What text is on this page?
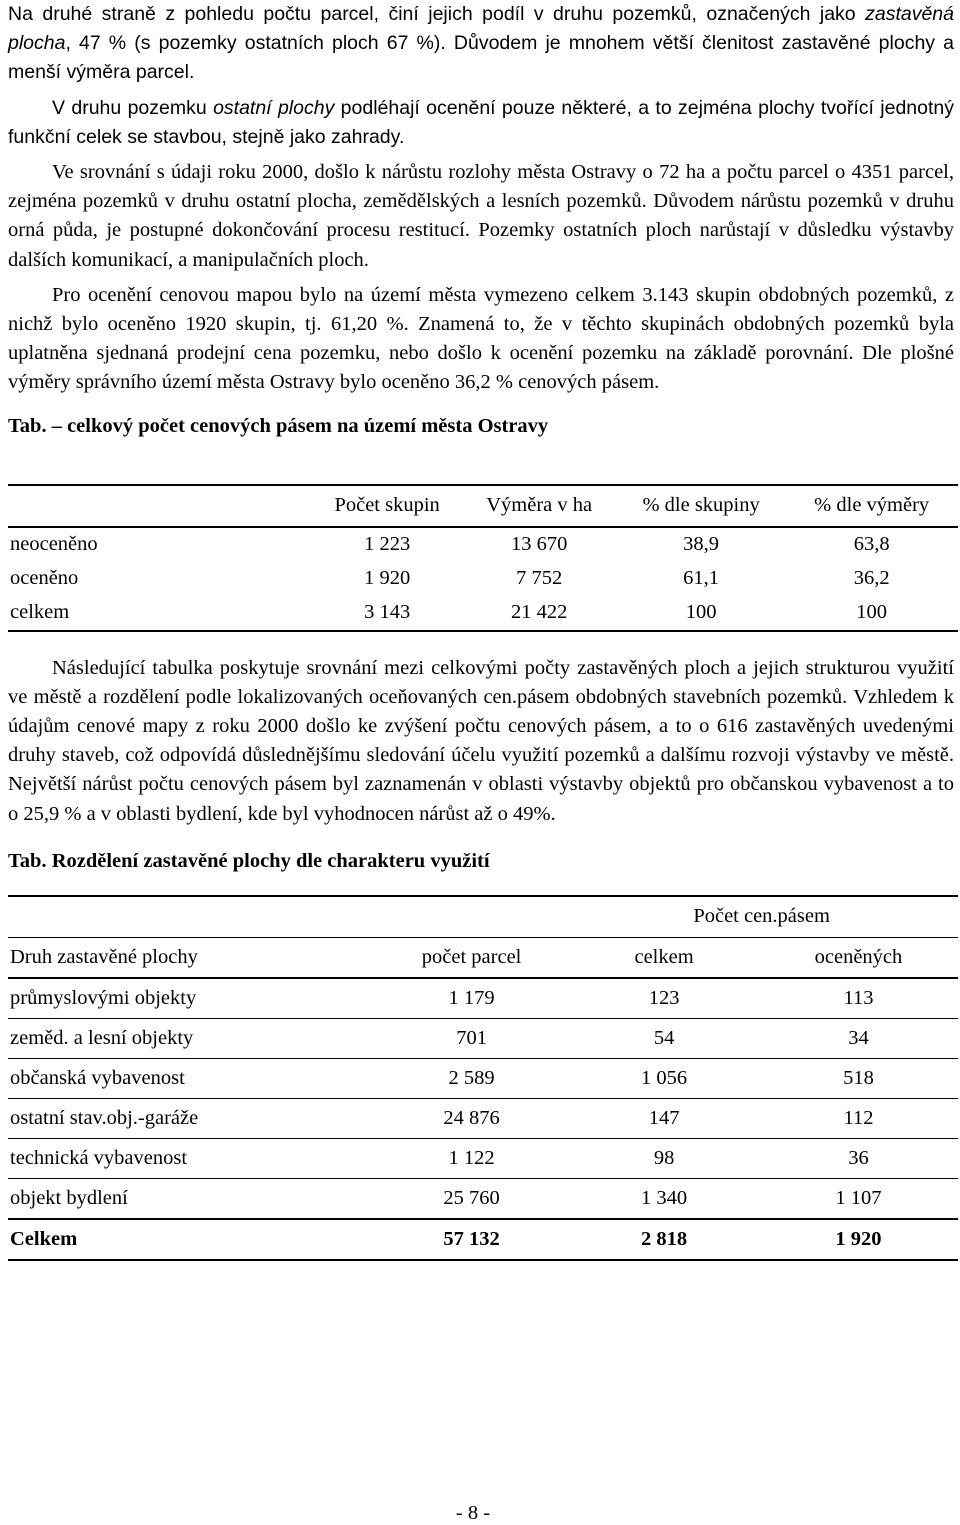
Na druhé straně z pohledu počtu parcel, činí jejich podíl v druhu pozemků, označených jako zastavěná plocha, 47 % (s pozemky ostatních ploch 67 %). Důvodem je mnohem větší členitost zastavěné plochy a menší výměra parcel.

V druhu pozemku ostatní plochy podléhají ocenění pouze některé, a to zejména plochy tvořící jednotný funkční celek se stavbou, stejně jako zahrady.

Ve srovnání s údaji roku 2000, došlo k nárůstu rozlohy města Ostravy o 72 ha a počtu parcel o 4351 parcel, zejména pozemků v druhu ostatní plocha, zemědělských a lesních pozemků. Důvodem nárůstu pozemků v druhu orná půda, je postupné dokončování procesu restitucí. Pozemky ostatních ploch narůstají v důsledku výstavby dalších komunikací, a manipulačních ploch.

Pro ocenění cenovou mapou bylo na území města vymezeno celkem 3.143 skupin obdobných pozemků, z nichž bylo oceněno 1920 skupin, tj. 61,20 %. Znamená to, že v těchto skupinách obdobných pozemků byla uplatněna sjednaná prodejní cena pozemku, nebo došlo k ocenění pozemku na základě porovnání. Dle plošné výměry správního území města Ostravy bylo oceněno 36,2 % cenových pásem.

Tab. – celkový počet cenových pásem na území města Ostravy

	Počet skupin	Výměra v ha	% dle skupiny	% dle výměry
neoceněno	1 223	13 670	38,9	63,8
oceněno	1 920	7 752	61,1	36,2
celkem	3 143	21 422	100	100

Následující tabulka poskytuje srovnání mezi celkovými počty zastavěných ploch a jejich strukturou využití ve městě a rozdělení podle lokalizovaných oceňovaných cen.pásem obdobných stavebních pozemků. Vzhledem k údajům cenové mapy z roku 2000 došlo ke zvýšení počtu cenových pásem, a to o 616 zastavěných uvedenými druhy staveb, což odpovídá důslednějšímu sledování účelu využití pozemků a dalšímu rozvoji výstavby ve městě. Největší nárůst počtu cenových pásem byl zaznamenán v oblasti výstavby objektů pro občanskou vybavenost a to o 25,9 % a v oblasti bydlení, kde byl vyhodnocen nárůst až o 49%.

Tab. Rozdělení zastavěné plochy dle charakteru využití

		Počet cen.pásem	
Druh zastavěné plochy	počet parcel	celkem	oceněných
průmyslovými objekty	1 179	123	113
zeměd. a lesní objekty	701	54	34
občanská vybavenost	2 589	1 056	518
ostatní stav.obj.-garáže	24 876	147	112
technická vybavenost	1 122	98	36
objekt bydlení	25 760	1 340	1 107
Celkem	57 132	2 818	1 920
- 8 -
